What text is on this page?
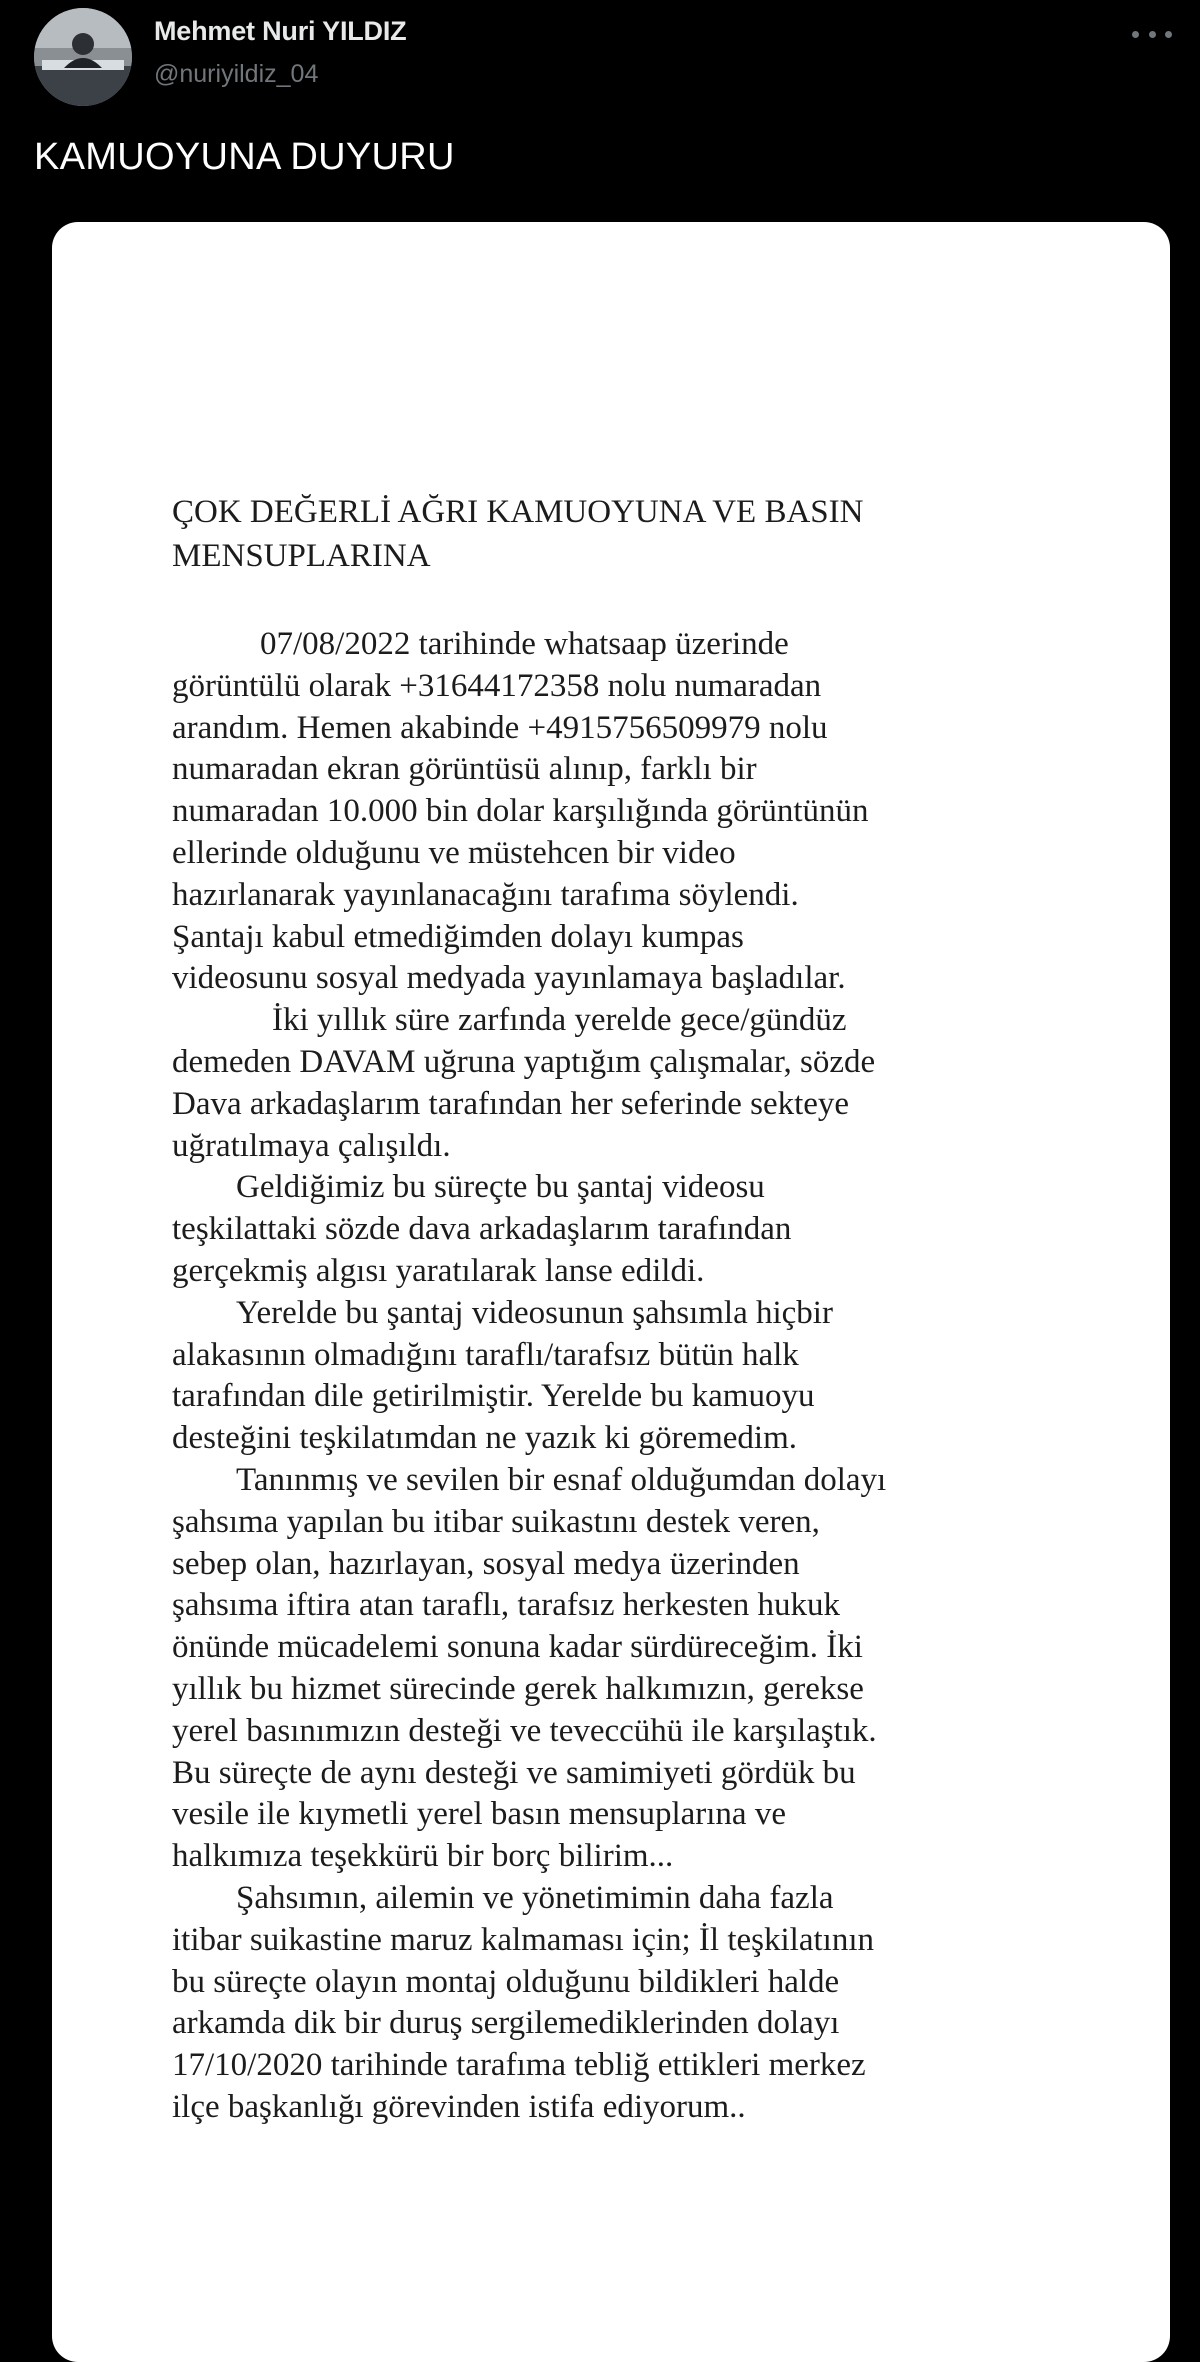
Mehmet Nuri YILDIZ
@nuriyildiz_04
KAMUOYUNA DUYURU
ÇOK DEĞERLİ AĞRI KAMUOYUNA VE BASIN
MENSUPLARINA
07/08/2022 tarihinde whatsaap üzerinde
görüntülü olarak +31644172358 nolu numaradan
arandım. Hemen akabinde +4915756509979 nolu
numaradan ekran görüntüsü alınıp, farklı bir
numaradan 10.000 bin dolar karşılığında görüntünün
ellerinde olduğunu ve müstehcen bir video
hazırlanarak yayınlanacağını tarafıma söylendi.
Şantajı kabul etmediğimden dolayı kumpas
videosunu sosyal medyada yayınlamaya başladılar.
İki yıllık süre zarfında yerelde gece/gündüz
demeden DAVAM uğruna yaptığım çalışmalar, sözde
Dava arkadaşlarım tarafından her seferinde sekteye
uğratılmaya çalışıldı.
Geldiğimiz bu süreçte bu şantaj videosu
teşkilattaki sözde dava arkadaşlarım tarafından
gerçekmiş algısı yaratılarak lanse edildi.
Yerelde bu şantaj videosunun şahsımla hiçbir
alakasının olmadığını taraflı/tarafsız bütün halk
tarafından dile getirilmiştir. Yerelde bu kamuoyu
desteğini teşkilatımdan ne yazık ki göremedim.
Tanınmış ve sevilen bir esnaf olduğumdan dolayı
şahsıma yapılan bu itibar suikastını destek veren,
sebep olan, hazırlayan, sosyal medya üzerinden
şahsıma iftira atan taraflı, tarafsız herkesten hukuk
önünde mücadelemi sonuna kadar sürdüreceğim. İki
yıllık bu hizmet sürecinde gerek halkımızın, gerekse
yerel basınımızın desteği ve teveccühü ile karşılaştık.
Bu süreçte de aynı desteği ve samimiyeti gördük bu
vesile ile kıymetli yerel basın mensuplarına ve
halkımıza teşekkürü bir borç bilirim...
Şahsımın, ailemin ve yönetimimin daha fazla
itibar suikastine maruz kalmaması için; İl teşkilatının
bu süreçte olayın montaj olduğunu bildikleri halde
arkamda dik bir duruş sergilemediklerinden dolayı
17/10/2020 tarihinde tarafıma tebliğ ettikleri merkez
ilçe başkanlığı görevinden istifa ediyorum..
